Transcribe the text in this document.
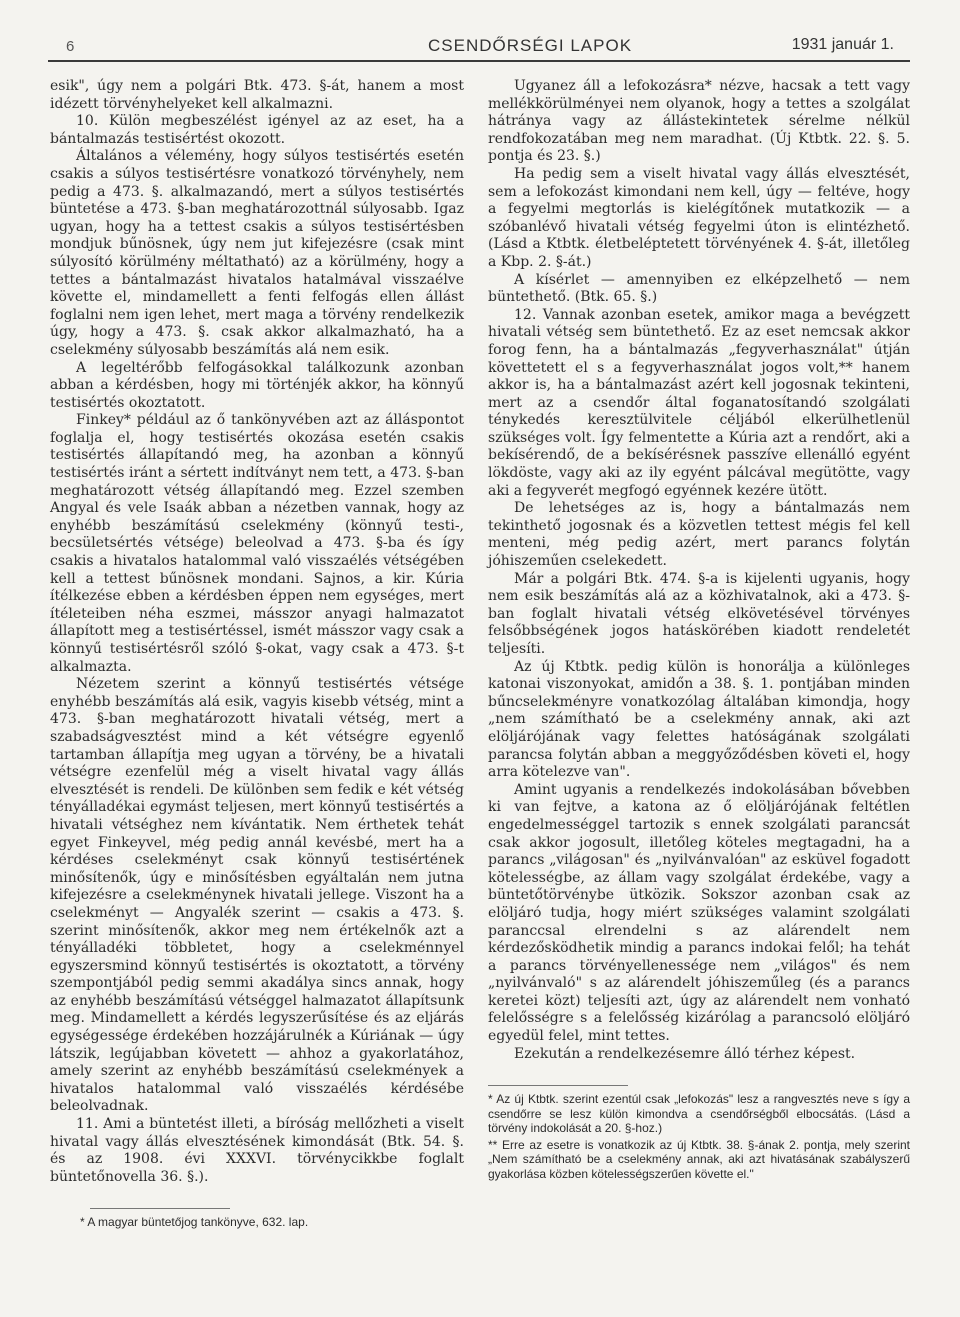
6	CSENDŐRSÉGI LAPOK	1931 január 1.

esik", úgy nem a polgári Btk. 473. §-át, hanem a most idézett törvényhelyeket kell alkalmazni.

10. Külön megbeszélést igényel az az eset, ha a bántalmazás testisértést okozott.

Általános a vélemény, hogy súlyos testisértés esetén csakis a súlyos testisértésre vonatkozó törvényhely, nem pedig a 473. §. alkalmazandó, mert a súlyos testisértés büntetése a 473. §-ban meghatározottnál súlyosabb. Igaz ugyan, hogy ha a tettest csakis a súlyos testisértésben mondjuk bűnösnek, úgy nem jut kifejezésre (csak mint súlyosító körülmény méltatható) az a körülmény, hogy a tettes a bántalmazást hivatalos hatalmával visszaélve követte el, mindamellett a fenti felfogás ellen állást foglalni nem igen lehet, mert maga a törvény rendelkezik úgy, hogy a 473. §. csak akkor alkalmazható, ha a cselekmény súlyosabb beszámítás alá nem esik.

A legeltérőbb felfogásokkal találkozunk azonban abban a kérdésben, hogy mi történjék akkor, ha könnyű testisértés okoztatott.

Finkey* például az ő tankönyvében azt az álláspontot foglalja el, hogy testisértés okozása esetén csakis testisértés állapítandó meg, ha azonban a könnyű testisértés iránt a sértett indítványt nem tett, a 473. §-ban meghatározott vétség állapítandó meg. Ezzel szemben Angyal és vele Isaák abban a nézetben vannak, hogy az enyhébb beszámítású cselekmény (könnyű testi-, becsületsértés vétsége) beleolvad a 473. §-ba és így csakis a hivatalos hatalommal való visszaélés vétségében kell a tettest bűnösnek mondani. Sajnos, a kir. Kúria ítélkezése ebben a kérdésben éppen nem egységes, mert ítéleteiben néha eszmei, másszor anyagi halmazatot állapított meg a testisértéssel, ismét másszor vagy csak a könnyű testisértésről szóló §-okat, vagy csak a 473. §-t alkalmazta.

Nézetem szerint a könnyű testisértés vétsége enyhébb beszámítás alá esik, vagyis kisebb vétség, mint a 473. §-ban meghatározott hivatali vétség, mert a szabadságvesztést mind a két vétségre egyenlő tartamban állapítja meg ugyan a törvény, be a hivatali vétségre ezenfelül még a viselt hivatal vagy állás elvesztését is rendeli. De különben sem fedik e két vétség tényálladékai egymást teljesen, mert könnyű testisértés a hivatali vétséghez nem kívántatik. Nem érthetek tehát egyet Finkeyvel, még pedig annál kevésbé, mert ha a kérdéses cselekményt csak könnyű testisértének minősítenők, úgy e minősítésben egyáltalán nem jutna kifejezésre a cselekménynek hivatali jellege. Viszont ha a cselekményt — Angyalék szerint — csakis a 473. §. szerint minősítenők, akkor meg nem értékelnők azt a tényálladéki többletet, hogy a cselekménnyel egyszersmind könnyű testisértés is okoztatott, a törvény szempontjából pedig semmi akadálya sincs annak, hogy az enyhébb beszámítású vétséggel halmazatot állapítsunk meg. Mindamellett a kérdés legyszerűsítése és az eljárás egységessége érdekében hozzájárulnék a Kúriának — úgy látszik, legújabban követett — ahhoz a gyakorlatához, amely szerint az enyhébb beszámítású cselekmények a hivatalos hatalommal való visszaélés kérdésébe beleolvadnak.

11. Ami a büntetést illeti, a bíróság mellőzheti a viselt hivatal vagy állás elvesztésének kimondását (Btk. 54. §. és az 1908. évi XXXVI. törvénycikkbe foglalt büntetőnovella 36. §.).

* A magyar büntetőjog tankönyve, 632. lap.

Ugyanez áll a lefokozásra* nézve, hacsak a tett vagy mellékkörülményei nem olyanok, hogy a tettes a szolgálat hátránya vagy az állástekintetek sérelme nélkül rendfokozatában meg nem maradhat. (Új Ktbtk. 22. §. 5. pontja és 23. §.)

Ha pedig sem a viselt hivatal vagy állás elvesztését, sem a lefokozást kimondani nem kell, úgy — feltéve, hogy a fegyelmi megtorlás is kielégítőnek mutatkozik — a szóbanlévő hivatali vétség fegyelmi úton is elintézhető. (Lásd a Ktbtk. életbeléptetett törvényének 4. §-át, illetőleg a Kbp. 2. §-át.)

A kísérlet — amennyiben ez elképzelhető — nem büntethető. (Btk. 65. §.)

12. Vannak azonban esetek, amikor maga a bevégzett hivatali vétség sem büntethető. Ez az eset nemcsak akkor forog fenn, ha a bántalmazás „fegyverhasználat" útján követtetett el s a fegyverhasználat jogos volt,** hanem akkor is, ha a bántalmazást azért kell jogosnak tekinteni, mert az a csendőr által foganatosítandó szolgálati ténykedés keresztülvitele céljából elkerülhetlenül szükséges volt. Így felmentette a Kúria azt a rendőrt, aki a bekísérendő, de a bekísérésnek passzíve ellenálló egyént lökdöste, vagy aki az ily egyént pálcával megütötte, vagy aki a fegyverét megfogó egyénnek kezére ütött.

De lehetséges az is, hogy a bántalmazás nem tekinthető jogosnak és a közvetlen tettest mégis fel kell menteni, még pedig azért, mert parancs folytán jóhiszeműen cselekedett.

Már a polgári Btk. 474. §-a is kijelenti ugyanis, hogy nem esik beszámítás alá az a közhivatalnok, aki a 473. §-ban foglalt hivatali vétség elkövetésével törvényes felsőbbségének jogos hatáskörében kiadott rendeletét teljesíti.

Az új Ktbtk. pedig külön is honorálja a különleges katonai viszonyokat, amidőn a 38. §. 1. pontjában minden bűncselekményre vonatkozólag általában kimondja, hogy „nem számítható be a cselekmény annak, aki azt elöljárójának vagy felettes hatóságának szolgálati parancsa folytán abban a meggyőződésben követi el, hogy arra kötelezve van".

Amint ugyanis a rendelkezés indokolásában bővebben ki van fejtve, a katona az ő elöljárójának feltétlen engedelmességgel tartozik s ennek szolgálati parancsát csak akkor jogosult, illetőleg köteles megtagadni, ha a parancs „világosan" és „nyilvánvalóan" az esküvel fogadott kötelességbe, az állam vagy szolgálat érdekébe, vagy a büntetőtörvénybe ütközik. Sokszor azonban csak az elöljáró tudja, hogy miért szükséges valamint szolgálati paranccsal elrendelni s az alárendelt nem kérdezősködhetik mindig a parancs indokai felől; ha tehát a parancs törvényellenessége nem „világos" és nem „nyilvánvaló" s az alárendelt jóhiszeműleg (és a parancs keretei közt) teljesíti azt, úgy az alárendelt nem vonható felelősségre s a felelősség kizárólag a parancsoló elöljáró egyedül felel, mint tettes.

Ezekután a rendelkezésemre álló térhez képest.

* Az új Ktbtk. szerint ezentúl csak „lefokozás" lesz a rangvesztés neve s így a csendőrre se lesz külön kimondva a csendőrségből elbocsátás. (Lásd a törvény indokolását a 20. §-hoz.)

** Erre az esetre is vonatkozik az új Ktbtk. 38. §-ának 2. pontja, mely szerint „Nem számítható be a cselekmény annak, aki azt hivatásának szabályszerű gyakorlása közben kötelességszerűen követte el."
